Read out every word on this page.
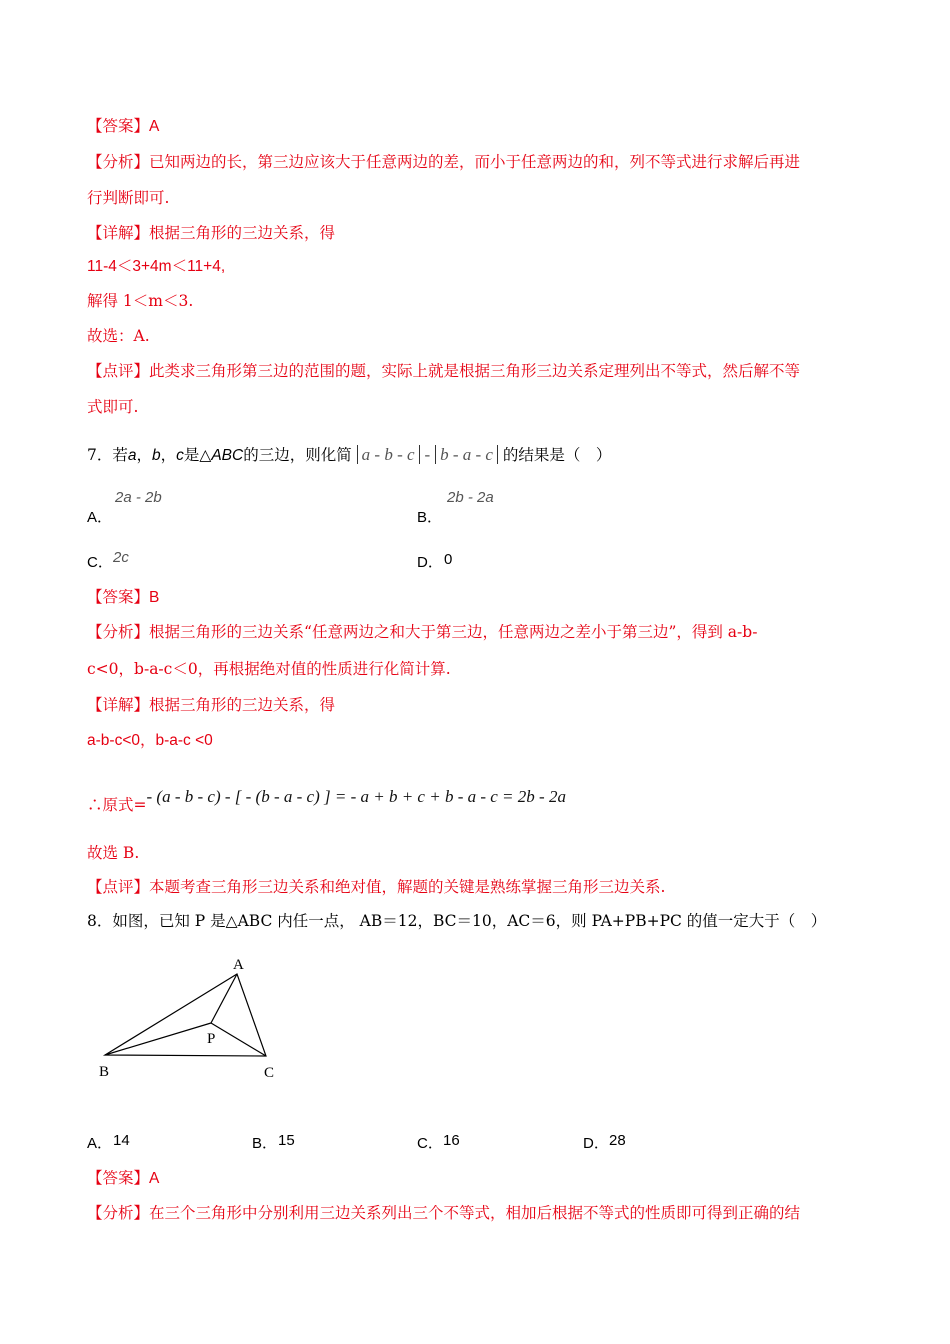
【答案】A
【分析】已知两边的长，第三边应该大于任意两边的差，而小于任意两边的和，列不等式进行求解后再进
行判断即可.
【详解】根据三角形的三边关系，得
11-4＜3+4m＜11+4,
解得 1＜m＜3.
故选：A.
【点评】此类求三角形第三边的范围的题，实际上就是根据三角形三边关系定理列出不等式，然后解不等
式即可.
7．若a，b，c是△ABC的三边，则化简 a - b - c - b - a - c 的结果是（　）
A．
2a - 2b
B．
2b - 2a
C． 2c	D． 0
【答案】B
【分析】根据三角形的三边关系“任意两边之和大于第三边，任意两边之差小于第三边”，得到 a-b-
c<0，b-a-c＜0，再根据绝对值的性质进行化简计算.
【详解】根据三角形的三边关系，得
a-b-c<0，b-a-c <0
∴原式=- (a - b - c) - [ - (b - a - c) ] = - a + b + c + b - a - c = 2b - 2a
故选 B.
【点评】本题考查三角形三边关系和绝对值，解题的关键是熟练掌握三角形三边关系.
8．如图，已知 P 是△ABC 内任一点， AB＝12，BC＝10，AC＝6，则 PA+PB+PC 的值一定大于（　）
A
P
B	C
A． 14	B． 15	C． 16	D． 28
【答案】A
【分析】在三个三角形中分别利用三边关系列出三个不等式，相加后根据不等式的性质即可得到正确的结
